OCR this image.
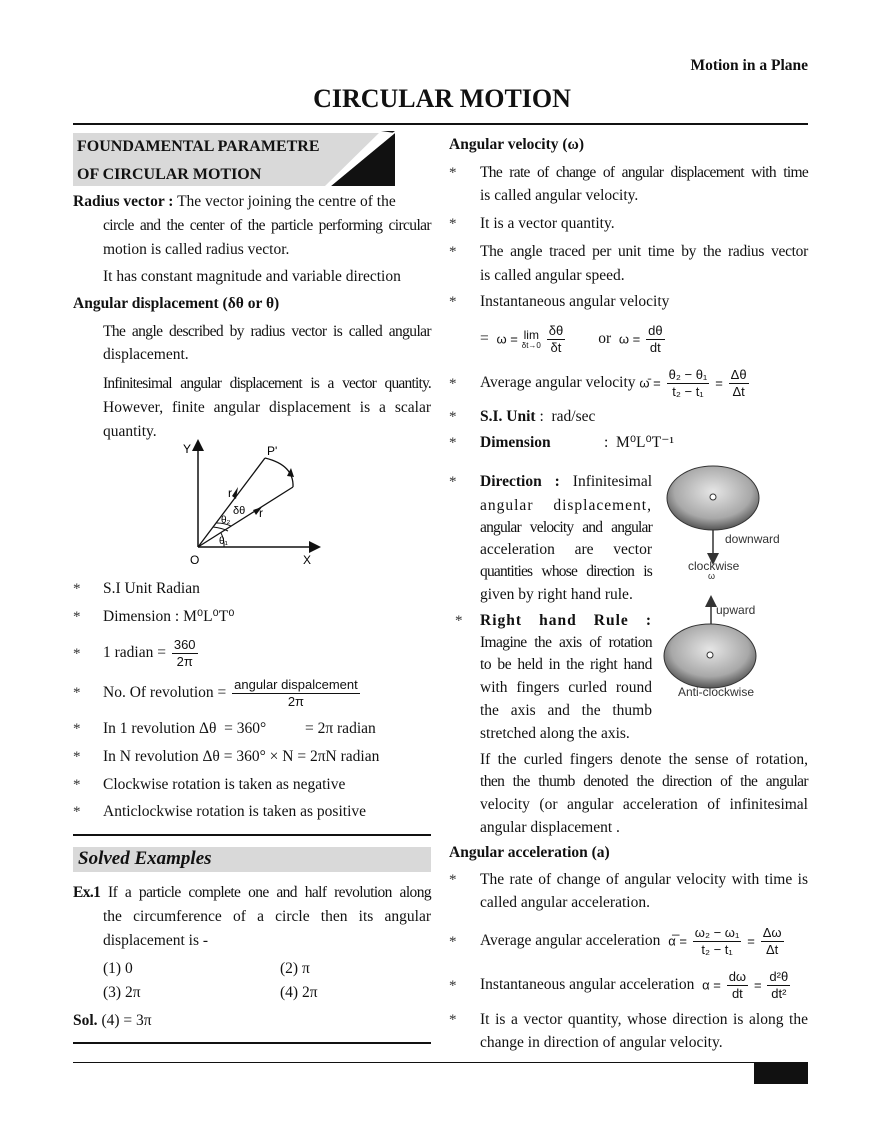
Motion in a Plane
CIRCULAR MOTION
FOUNDAMENTAL PARAMETRE
OF CIRCULAR MOTION
Radius vector : The vector joining the centre of the
circle and the center of the particle performing circular
motion is called radius vector.
It has constant magnitude and variable direction
Angular displacement (δθ or θ)
The angle described by radius vector is called angular
displacement.
Infinitesimal angular displacement is a vector quantity.
However, finite angular displacement is a scalar
quantity.
Y	P'
r
δθ r
θ₂
θ₁
O	X
* S.I Unit Radian
* Dimension : M⁰L⁰T⁰
* 1 radian = $\frac{360}{2\pi}$
* No. Of revolution = $\frac{\text{angular dispalcement}}{2\pi}$
* In 1 revolution Δθ  = 360°          = 2π radian
* In N revolution Δθ = 360° × N = 2πN radian
* Clockwise rotation is taken as negative
* Anticlockwise rotation is taken as positive
Solved Examples
Ex.1 If a particle complete one and half revolution along
the circumference of a circle then its angular
displacement is -
(1) 0	(2) π
(3) 2π	(4) 2π
Sol. (4) = 3π
Angular velocity (ω)
* The rate of change of angular displacement with time
is called angular velocity.
* It is a vector quantity.
* The angle traced per unit time by the radius vector
is called angular speed.
* Instantaneous angular velocity
= ω = lim
δt→0
$\frac{\delta\theta}{\delta t}$ or $\omega = \frac{d\theta}{dt}$
* Average angular velocity ω̄ = $\frac{\text{θ₂ − θ₁}}{\text{t₂ − t₁}} = \frac{\Delta\theta}{\Delta t}$
* S.I. Unit :  rad/sec
* Dimension	:  M⁰L⁰T⁻¹
* Direction : Infinitesimal
angular displacement,
angular velocity and angular
acceleration are vector
quantities whose direction is
given by right hand rule.
* Right hand Rule :
Imagine the axis of rotation
to be held in the right hand
with fingers curled round
the axis and the thumb
stretched along the axis.
If the curled fingers denote the sense of rotation,
then the thumb denoted the direction of the angular
velocity (or angular acceleration of infinitesimal
angular displacement .
downward
clockwise
ω
upward
Anti-clockwise
Angular acceleration (a)
* The rate of change of angular velocity with time is
called angular acceleration.
* Average angular acceleration α̅ = $\frac{\text{ω₂ − ω₁}}{\text{t₂ − t₁}} = \frac{\Delta\omega}{\Delta t}$
* Instantaneous angular acceleration $\alpha = \frac{d\omega}{dt} = \frac{\text{d²θ}}{\text{dt²}}$
* It is a vector quantity, whose direction is along the
change in direction of angular velocity.
